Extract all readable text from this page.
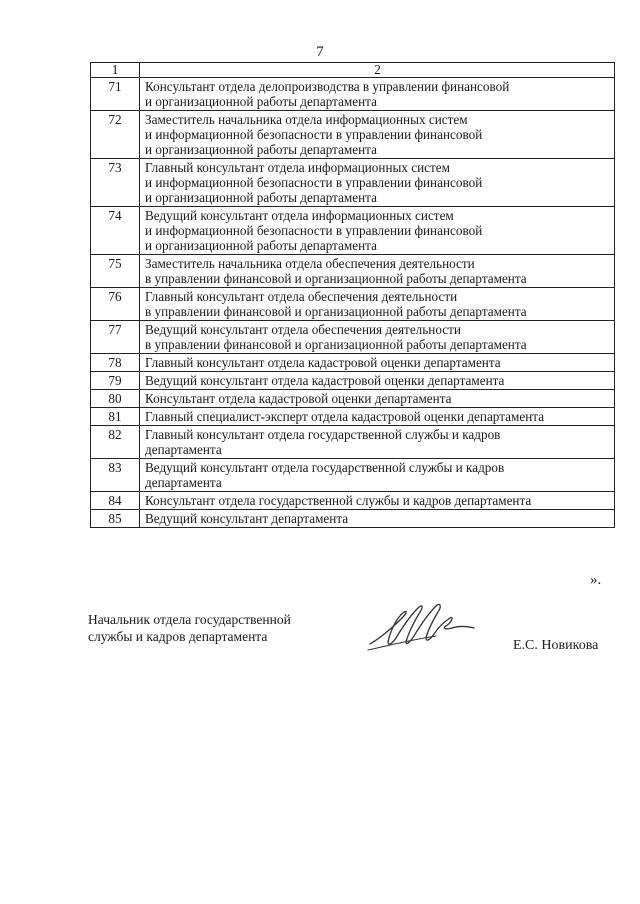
7
1	2
71	Консультант отдела делопроизводства в управлении финансовой
и организационной работы департамента

72	Заместитель начальника отдела информационных систем
и информационной безопасности в управлении финансовой
и организационной работы департамента

73	Главный консультант отдела информационных систем
и информационной безопасности в управлении финансовой
и организационной работы департамента

74	Ведущий консультант отдела информационных систем
и информационной безопасности в управлении финансовой
и организационной работы департамента

75	Заместитель начальника отдела обеспечения деятельности
в управлении финансовой и организационной работы департамента

76	Главный консультант отдела обеспечения деятельности
в управлении финансовой и организационной работы департамента

77	Ведущий консультант отдела обеспечения деятельности
в управлении финансовой и организационной работы департамента

78	Главный консультант отдела кадастровой оценки департамента

79	Ведущий консультант отдела кадастровой оценки департамента

80	Консультант отдела кадастровой оценки департамента

81	Главный специалист-эксперт отдела кадастровой оценки департамента

82	Главный консультант отдела государственной службы и кадров
департамента

83	Ведущий консультант отдела государственной службы и кадров
департамента

84	Консультант отдела государственной службы и кадров департамента

85	Ведущий консультант департамента
».
Начальник отдела государственной
службы и кадров департамента
Е.С. Новикова
